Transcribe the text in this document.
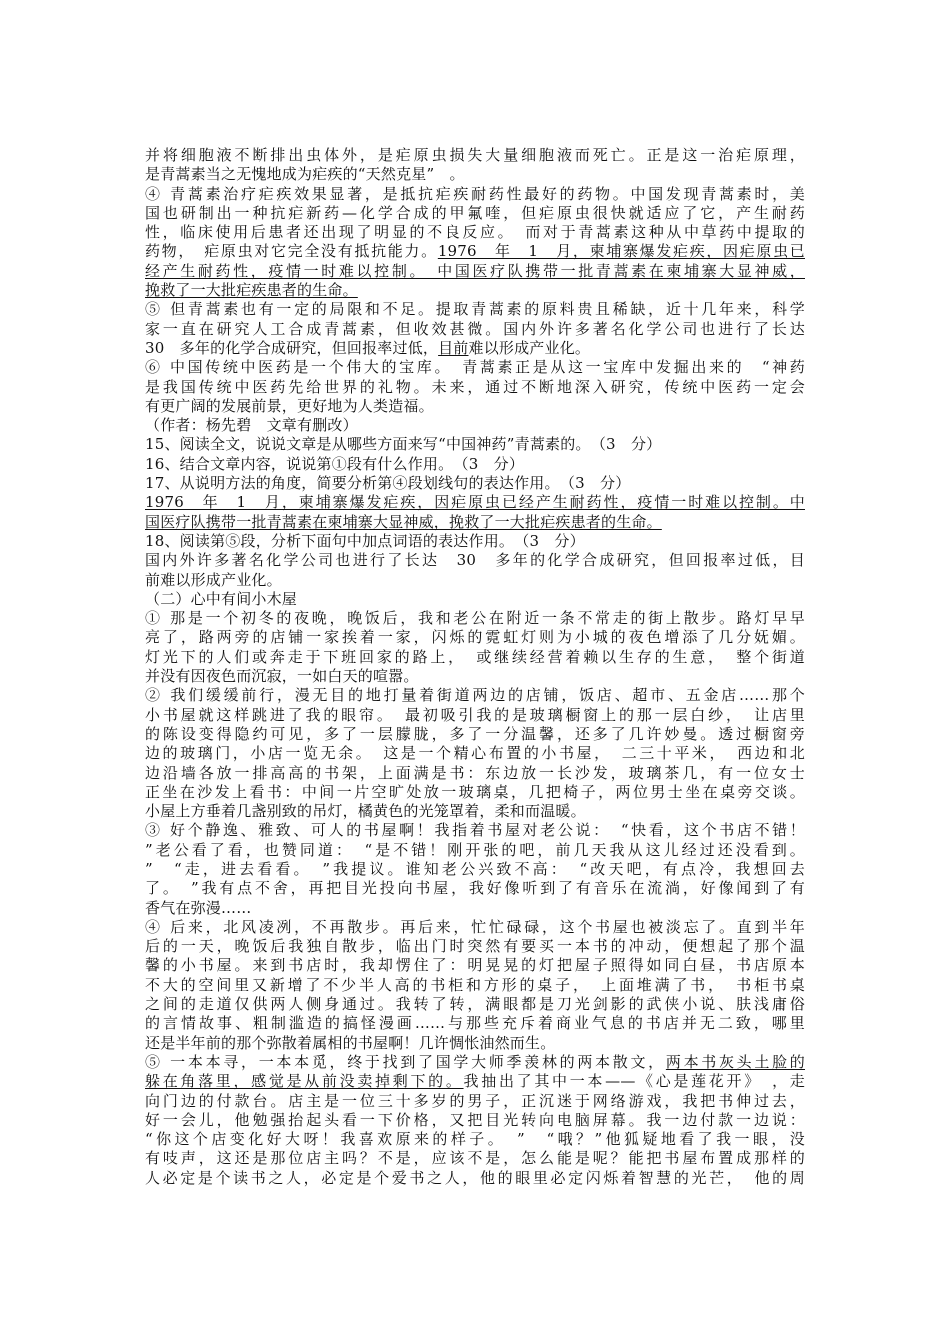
并将细胞液不断排出虫体外，是疟原虫损失大量细胞液而死亡。正是这一治疟原理，
是青蒿素当之无愧地成为疟疾的“天然克星”　。
④ 青蒿素治疗疟疾效果显著，是抵抗疟疾耐药性最好的药物。中国发现青蒿素时，美
国也研制出一种抗疟新药—化学合成的甲氟喹，但疟原虫很快就适应了它，产生耐药
性，临床使用后患者还出现了明显的不良反应。　而对于青蒿素这种从中草药中提取的
药物，　疟原虫对它完全没有抵抗能力。1976　年　1　月，柬埔寨爆发疟疾，因疟原虫已
经产生耐药性，疫情一时难以控制。　中国医疗队携带一批青蒿素在柬埔寨大显神威，
挽救了一大批疟疾患者的生命。
⑤ 但青蒿素也有一定的局限和不足。提取青蒿素的原料贵且稀缺，近十几年来，科学
家一直在研究人工合成青蒿素，但收效甚微。国内外许多著名化学公司也进行了长达
30　多年的化学合成研究，但回报率过低，目前难以形成产业化。
⑥ 中国传统中医药是一个伟大的宝库。　青蒿素正是从这一宝库中发掘出来的　“神药
是我国传统中医药先给世界的礼物。未来，通过不断地深入研究，传统中医药一定会
有更广阔的发展前景，更好地为人类造福。
（作者：杨先碧　文章有删改）
15、阅读全文，说说文章是从哪些方面来写“中国神药”青蒿素的。　（3　分）
16、结合文章内容，说说第①段有什么作用。　（3　分）
17、从说明方法的角度，简要分析第④段划线句的表达作用。　（3　分）
1976　年　1　月，柬埔寨爆发疟疾，因疟原虫已经产生耐药性，疫情一时难以控制。中
国医疗队携带一批青蒿素在柬埔寨大显神威，挽救了一大批疟疾患者的生命。
18、阅读第⑤段，分析下面句中加点词语的表达作用。　（3　分）
国内外许多著名化学公司也进行了长达　30　多年的化学合成研究，但回报率过低，目
前难以形成产业化。
（二）心中有间小木屋
① 那是一个初冬的夜晚，晚饭后，我和老公在附近一条不常走的街上散步。路灯早早
亮了，路两旁的店铺一家挨着一家，闪烁的霓虹灯则为小城的夜色增添了几分妩媚。
灯光下的人们或奔走于下班回家的路上，　或继续经营着赖以生存的生意，　整个街道
并没有因夜色而沉寂，一如白天的喧嚣。
② 我们缓缓前行，漫无目的地打量着街道两边的店铺，饭店、超市、五金店……那个
小书屋就这样跳进了我的眼帘。　最初吸引我的是玻璃橱窗上的那一层白纱，　让店里
的陈设变得隐约可见，多了一层朦胧，多了一分温馨，还多了几许妙曼。透过橱窗旁
边的玻璃门，小店一览无余。　这是一个精心布置的小书屋，　二三十平米，　西边和北
边沿墙各放一排高高的书架，上面满是书：东边放一长沙发，玻璃茶几，有一位女士
正坐在沙发上看书：中间一片空旷处放一玻璃桌，几把椅子，两位男士坐在桌旁交谈。
小屋上方垂着几盏别致的吊灯，橘黄色的光笼罩着，柔和而温暖。
③ 好个静逸、雅致、可人的书屋啊！我指着书屋对老公说：　“快看，这个书店不错！
”老公看了看，也赞同道：　“是不错！刚开张的吧，前几天我从这儿经过还没看到。
”　“走，进去看看。　”我提议。谁知老公兴致不高：　“改天吧，有点冷，我想回去
了。　”我有点不舍，再把目光投向书屋，我好像听到了有音乐在流淌，好像闻到了有
香气在弥漫……
④ 后来，北风凌冽，不再散步。再后来，忙忙碌碌，这个书屋也被淡忘了。直到半年
后的一天，晚饭后我独自散步，临出门时突然有要买一本书的冲动，便想起了那个温
馨的小书屋。来到书店时，我却愣住了：明晃晃的灯把屋子照得如同白昼，书店原本
不大的空间里又新增了不少半人高的书柜和方形的桌子，　上面堆满了书，　书柜书桌
之间的走道仅供两人侧身通过。我转了转，满眼都是刀光剑影的武侠小说、肤浅庸俗
的言情故事、粗制滥造的搞怪漫画……与那些充斥着商业气息的书店并无二致，哪里
还是半年前的那个弥散着属相的书屋啊！几许惆怅油然而生。
⑤ 一本本寻，一本本觅，终于找到了国学大师季羡林的两本散文，两本书灰头土脸的
躲在角落里，感觉是从前没卖掉剩下的。我抽出了其中一本——《心是莲花开》　，走
向门边的付款台。店主是一位三十多岁的男子，正沉迷于网络游戏，我把书伸过去，
好一会儿，他勉强抬起头看一下价格，又把目光转向电脑屏幕。我一边付款一边说：
“你这个店变化好大呀！我喜欢原来的样子。　”　“哦？”他狐疑地看了我一眼，没
有吱声，这还是那位店主吗？不是，应该不是，怎么能是呢？能把书屋布置成那样的
人必定是个读书之人，必定是个爱书之人，他的眼里必定闪烁着智慧的光芒，　他的周
